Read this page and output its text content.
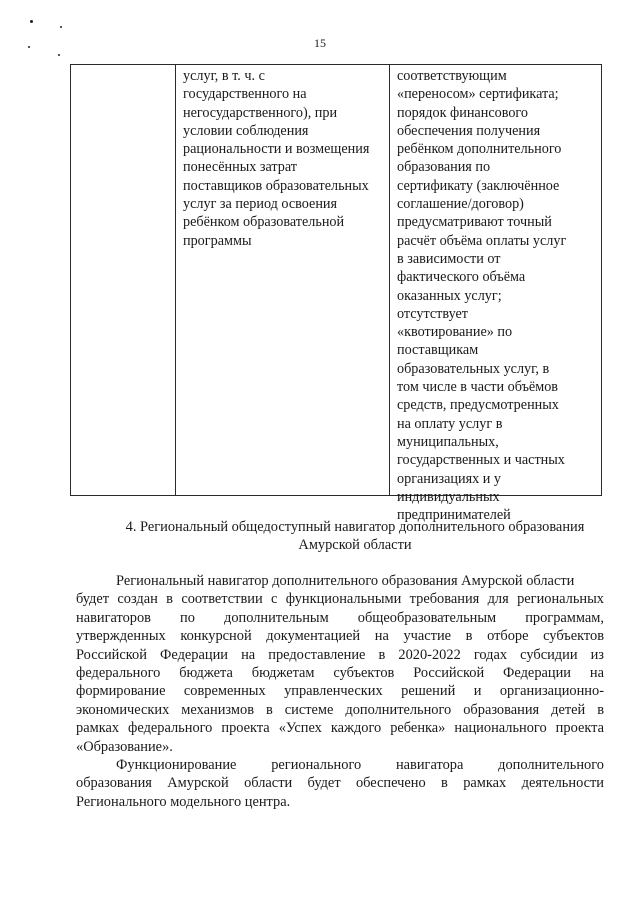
15
услуг, в т. ч. с
государственного на
негосударственного), при
условии соблюдения
рациональности и возмещения
понесённых затрат
поставщиков образовательных
услуг за период освоения
ребёнком образовательной
программы
соответствующим
«переносом» сертификата;
порядок финансового
обеспечения получения
ребёнком дополнительного
образования по
сертификату (заключённое
соглашение/договор)
предусматривают точный
расчёт объёма оплаты услуг
в зависимости от
фактического объёма
оказанных услуг;
отсутствует
«квотирование» по
поставщикам
образовательных услуг, в
том числе в части объёмов
средств, предусмотренных
на оплату услуг в
муниципальных,
государственных и частных
организациях и у
индивидуальных
предпринимателей
4. Региональный общедоступный навигатор дополнительного образования
Амурской области
Региональный навигатор дополнительного образования Амурской области
будет создан в соответствии с функциональными требования для региональных
навигаторов по дополнительным общеобразовательным программам,
утвержденных конкурсной документацией на участие в отборе субъектов
Российской Федерации на предоставление в 2020-2022 годах субсидии из
федерального бюджета бюджетам субъектов Российской Федерации на
формирование современных управленческих решений и организационно-
экономических механизмов в системе дополнительного образования детей в
рамках федерального проекта «Успех каждого ребенка» национального проекта
«Образование».
Функционирование регионального навигатора дополнительного
образования Амурской области будет обеспечено в рамках деятельности
Регионального модельного центра.
